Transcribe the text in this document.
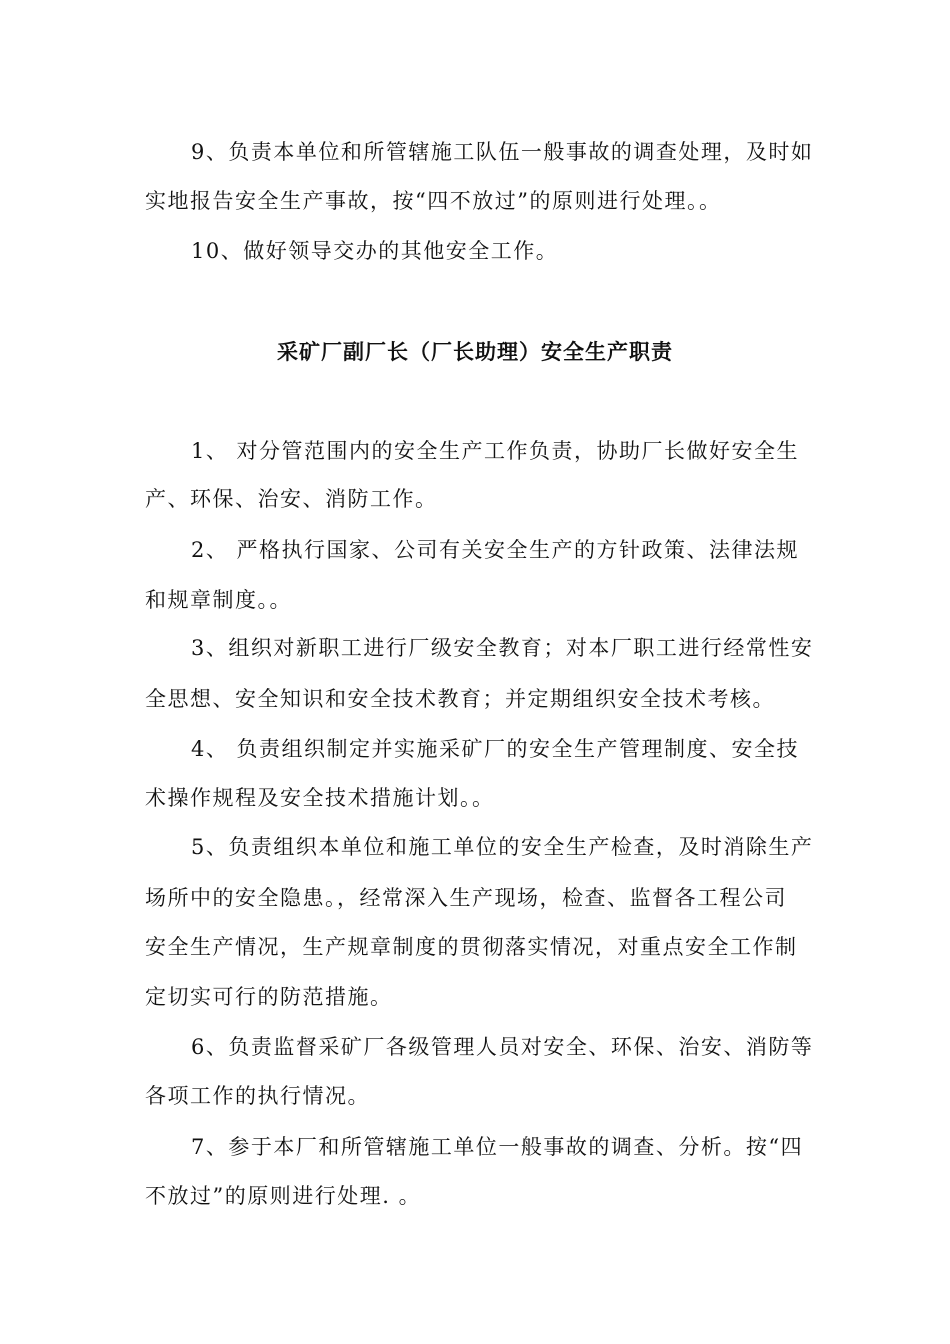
9、负责本单位和所管辖施工队伍一般事故的调查处理，及时如
实地报告安全生产事故，按“四不放过”的原则进行处理。。
10、做好领导交办的其他安全工作。
采矿厂副厂长（厂长助理）安全生产职责
1、 对分管范围内的安全生产工作负责，协助厂长做好安全生
产、环保、治安、消防工作。
2、 严格执行国家、公司有关安全生产的方针政策、法律法规
和规章制度。。
3、组织对新职工进行厂级安全教育；对本厂职工进行经常性安
全思想、安全知识和安全技术教育；并定期组织安全技术考核。
4、 负责组织制定并实施采矿厂的安全生产管理制度、安全技
术操作规程及安全技术措施计划。。
5、负责组织本单位和施工单位的安全生产检查，及时消除生产
场所中的安全隐患。，经常深入生产现场，检查、监督各工程公司
安全生产情况，生产规章制度的贯彻落实情况，对重点安全工作制
定切实可行的防范措施。
6、负责监督采矿厂各级管理人员对安全、环保、治安、消防等
各项工作的执行情况。
7、参于本厂和所管辖施工单位一般事故的调查、分析。按“四
不放过”的原则进行处理. 。
